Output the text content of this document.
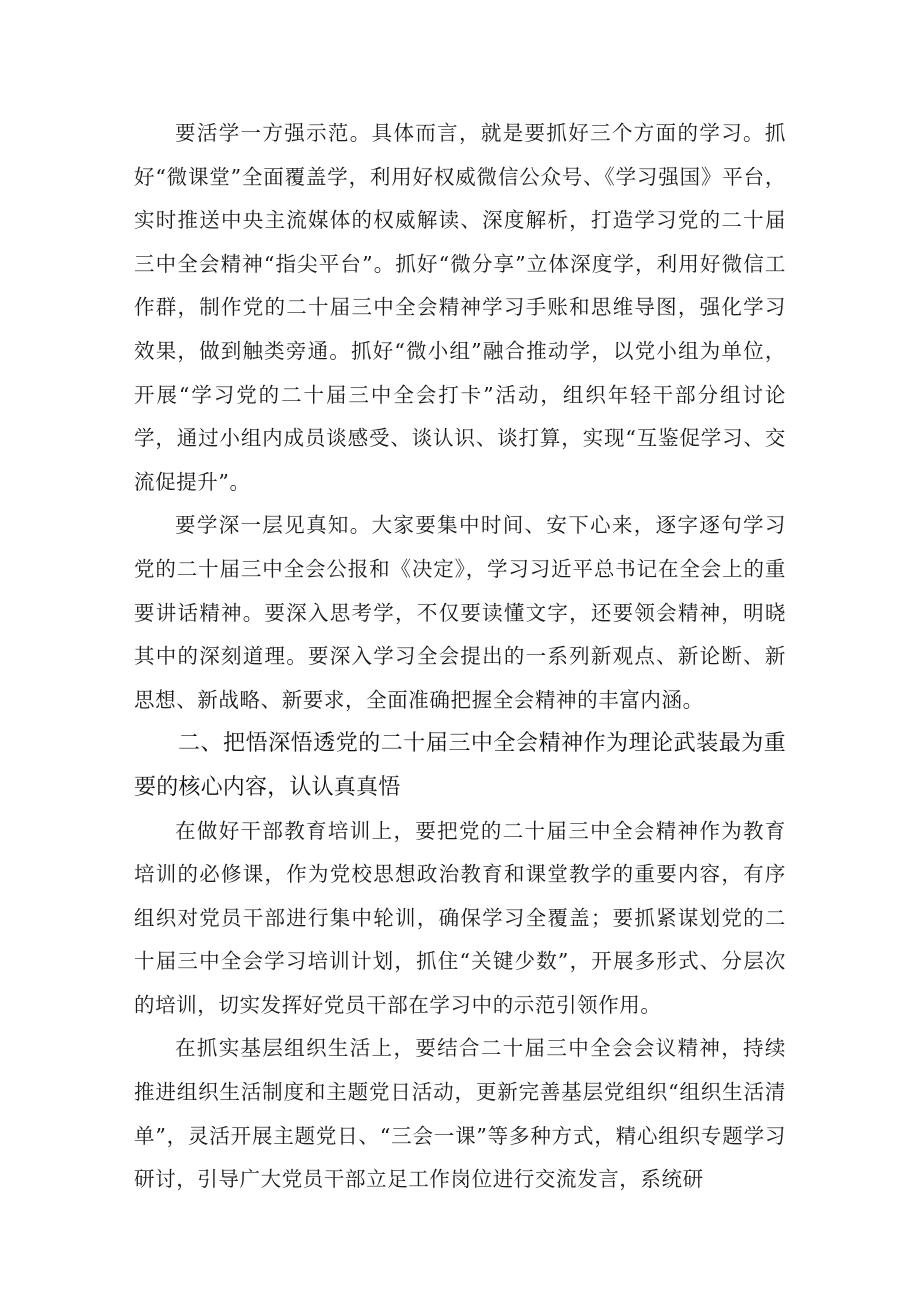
要活学一方强示范。具体而言，就是要抓好三个方面的学习。抓好“微课堂”全面覆盖学，利用好权威微信公众号、《学习强国》平台，实时推送中央主流媒体的权威解读、深度解析，打造学习党的二十届三中全会精神“指尖平台”。抓好“微分享”立体深度学，利用好微信工作群，制作党的二十届三中全会精神学习手账和思维导图，强化学习效果，做到触类旁通。抓好“微小组”融合推动学，以党小组为单位，开展“学习党的二十届三中全会打卡”活动，组织年轻干部分组讨论学，通过小组内成员谈感受、谈认识、谈打算，实现“互鉴促学习、交流促提升”。

要学深一层见真知。大家要集中时间、安下心来，逐字逐句学习党的二十届三中全会公报和《决定》，学习习近平总书记在全会上的重要讲话精神。要深入思考学，不仅要读懂文字，还要领会精神，明晓其中的深刻道理。要深入学习全会提出的一系列新观点、新论断、新思想、新战略、新要求，全面准确把握全会精神的丰富内涵。

二、把悟深悟透党的二十届三中全会精神作为理论武装最为重要的核心内容，认认真真悟

在做好干部教育培训上，要把党的二十届三中全会精神作为教育培训的必修课，作为党校思想政治教育和课堂教学的重要内容，有序组织对党员干部进行集中轮训，确保学习全覆盖；要抓紧谋划党的二十届三中全会学习培训计划，抓住“关键少数”，开展多形式、分层次的培训，切实发挥好党员干部在学习中的示范引领作用。

在抓实基层组织生活上，要结合二十届三中全会会议精神，持续推进组织生活制度和主题党日活动，更新完善基层党组织“组织生活清单”，灵活开展主题党日、“三会一课”等多种方式，精心组织专题学习研讨，引导广大党员干部立足工作岗位进行交流发言，系统研
